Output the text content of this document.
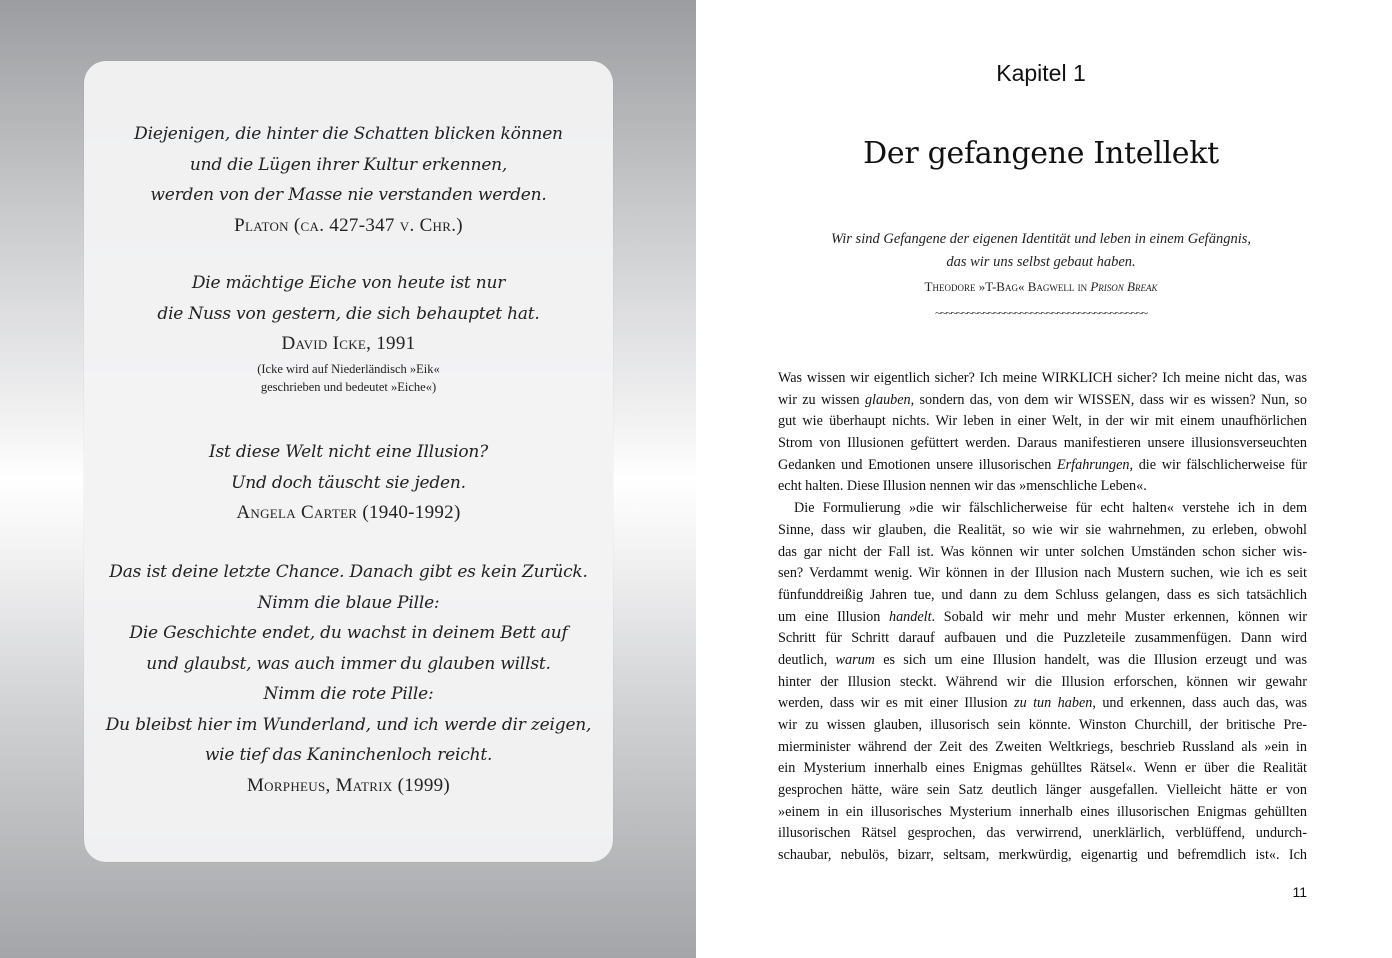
Diejenigen, die hinter die Schatten blicken können
und die Lügen ihrer Kultur erkennen,
werden von der Masse nie verstanden werden.
Platon (ca. 427-347 v. Chr.)
Die mächtige Eiche von heute ist nur
die Nuss von gestern, die sich behauptet hat.
David Icke, 1991
(Icke wird auf Niederländisch »Eik«
geschrieben und bedeutet »Eiche«)
Ist diese Welt nicht eine Illusion?
Und doch täuscht sie jeden.
Angela Carter (1940-1992)
Das ist deine letzte Chance. Danach gibt es kein Zurück.
Nimm die blaue Pille:
Die Geschichte endet, du wachst in deinem Bett auf
und glaubst, was auch immer du glauben willst.
Nimm die rote Pille:
Du bleibst hier im Wunderland, und ich werde dir zeigen,
wie tief das Kaninchenloch reicht.
Morpheus, Matrix (1999)
Kapitel 1
Der gefangene Intellekt
Wir sind Gefangene der eigenen Identität und leben in einem Gefängnis,
das wir uns selbst gebaut haben.
Theodore »T-Bag« Bagwell in Prison Break
~~~~~~~~~~~~~~~~~~~~~~~~~~~~~~~~~~~~~~~~
Was wissen wir eigentlich sicher? Ich meine WIRKLICH sicher? Ich meine nicht das, was
wir zu wissen glauben, sondern das, von dem wir WISSEN, dass wir es wissen? Nun, so
gut wie überhaupt nichts. Wir leben in einer Welt, in der wir mit einem unaufhörlichen
Strom von Illusionen gefüttert werden. Daraus manifestieren unsere illusionsverseuchten
Gedanken und Emotionen unsere illusorischen Erfahrungen, die wir fälschlicherweise für
echt halten. Diese Illusion nennen wir das »menschliche Leben«.
Die Formulierung »die wir fälschlicherweise für echt halten« verstehe ich in dem
Sinne, dass wir glauben, die Realität, so wie wir sie wahrnehmen, zu erleben, obwohl
das gar nicht der Fall ist. Was können wir unter solchen Umständen schon sicher wis-
sen? Verdammt wenig. Wir können in der Illusion nach Mustern suchen, wie ich es seit
fünfunddreißig Jahren tue, und dann zu dem Schluss gelangen, dass es sich tatsächlich
um eine Illusion handelt. Sobald wir mehr und mehr Muster erkennen, können wir
Schritt für Schritt darauf aufbauen und die Puzzleteile zusammenfügen. Dann wird
deutlich, warum es sich um eine Illusion handelt, was die Illusion erzeugt und was
hinter der Illusion steckt. Während wir die Illusion erforschen, können wir gewahr
werden, dass wir es mit einer Illusion zu tun haben, und erkennen, dass auch das, was
wir zu wissen glauben, illusorisch sein könnte. Winston Churchill, der britische Pre-
mierminister während der Zeit des Zweiten Weltkriegs, beschrieb Russland als »ein in
ein Mysterium innerhalb eines Enigmas gehülltes Rätsel«. Wenn er über die Realität
gesprochen hätte, wäre sein Satz deutlich länger ausgefallen. Vielleicht hätte er von
»einem in ein illusorisches Mysterium innerhalb eines illusorischen Enigmas gehüllten
illusorischen Rätsel gesprochen, das verwirrend, unerklärlich, verblüffend, undurch-
schaubar, nebulös, bizarr, seltsam, merkwürdig, eigenartig und befremdlich ist«. Ich
11
